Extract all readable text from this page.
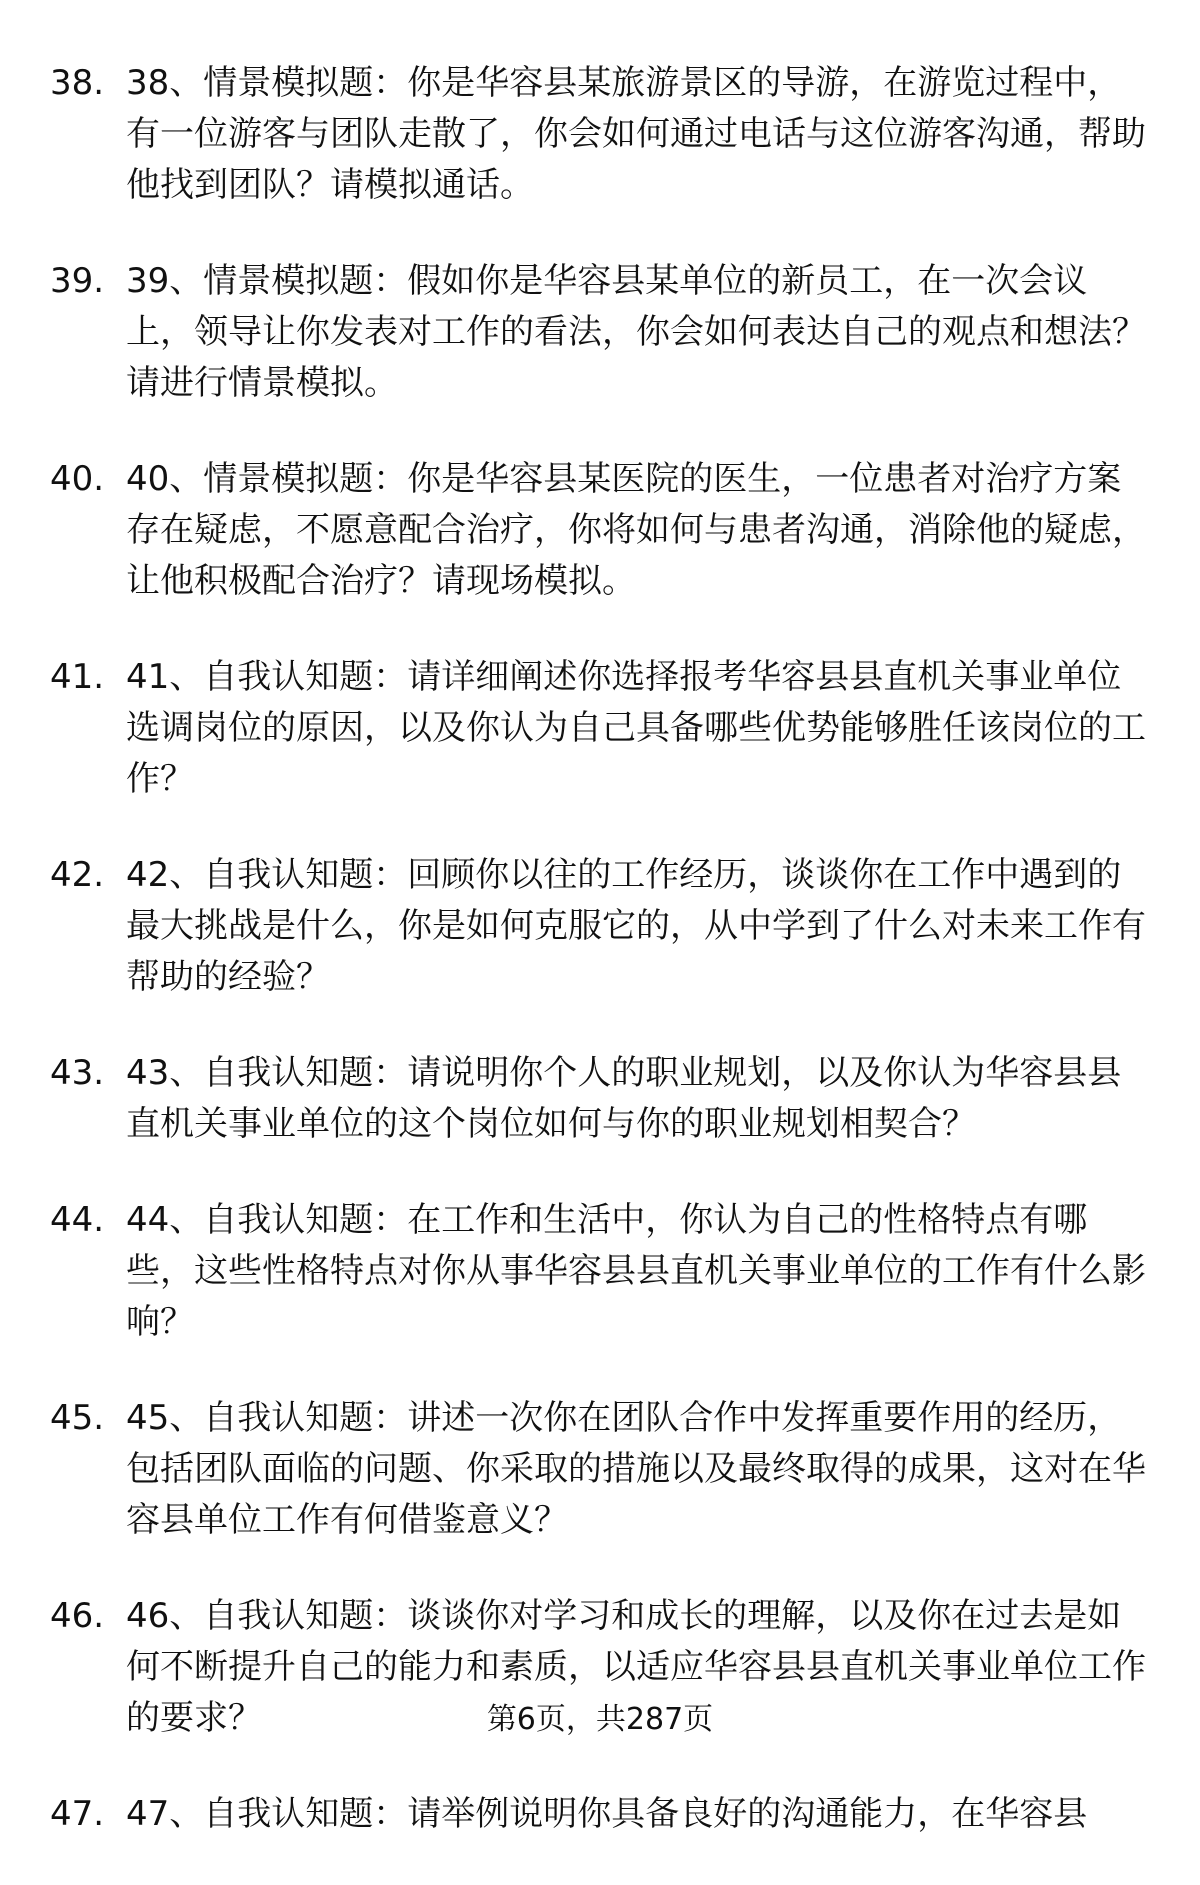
38. 38、情景模拟题：你是华容县某旅游景区的导游，在游览过程中，有一位游客与团队走散了，你会如何通过电话与这位游客沟通，帮助他找到团队？请模拟通话。
39. 39、情景模拟题：假如你是华容县某单位的新员工，在一次会议上，领导让你发表对工作的看法，你会如何表达自己的观点和想法？请进行情景模拟。
40. 40、情景模拟题：你是华容县某医院的医生，一位患者对治疗方案存在疑虑，不愿意配合治疗，你将如何与患者沟通，消除他的疑虑，让他积极配合治疗？请现场模拟。
41. 41、自我认知题：请详细阐述你选择报考华容县县直机关事业单位选调岗位的原因，以及你认为自己具备哪些优势能够胜任该岗位的工作？
42. 42、自我认知题：回顾你以往的工作经历，谈谈你在工作中遇到的最大挑战是什么，你是如何克服它的，从中学到了什么对未来工作有帮助的经验？
43. 43、自我认知题：请说明你个人的职业规划，以及你认为华容县县直机关事业单位的这个岗位如何与你的职业规划相契合？
44. 44、自我认知题：在工作和生活中，你认为自己的性格特点有哪些，这些性格特点对你从事华容县县直机关事业单位的工作有什么影响？
45. 45、自我认知题：讲述一次你在团队合作中发挥重要作用的经历，包括团队面临的问题、你采取的措施以及最终取得的成果，这对在华容县单位工作有何借鉴意义？
46. 46、自我认知题：谈谈你对学习和成长的理解，以及你在过去是如何不断提升自己的能力和素质，以适应华容县县直机关事业单位工作的要求？
47. 47、自我认知题：请举例说明你具备良好的沟通能力，在华容县
第6页，共287页
